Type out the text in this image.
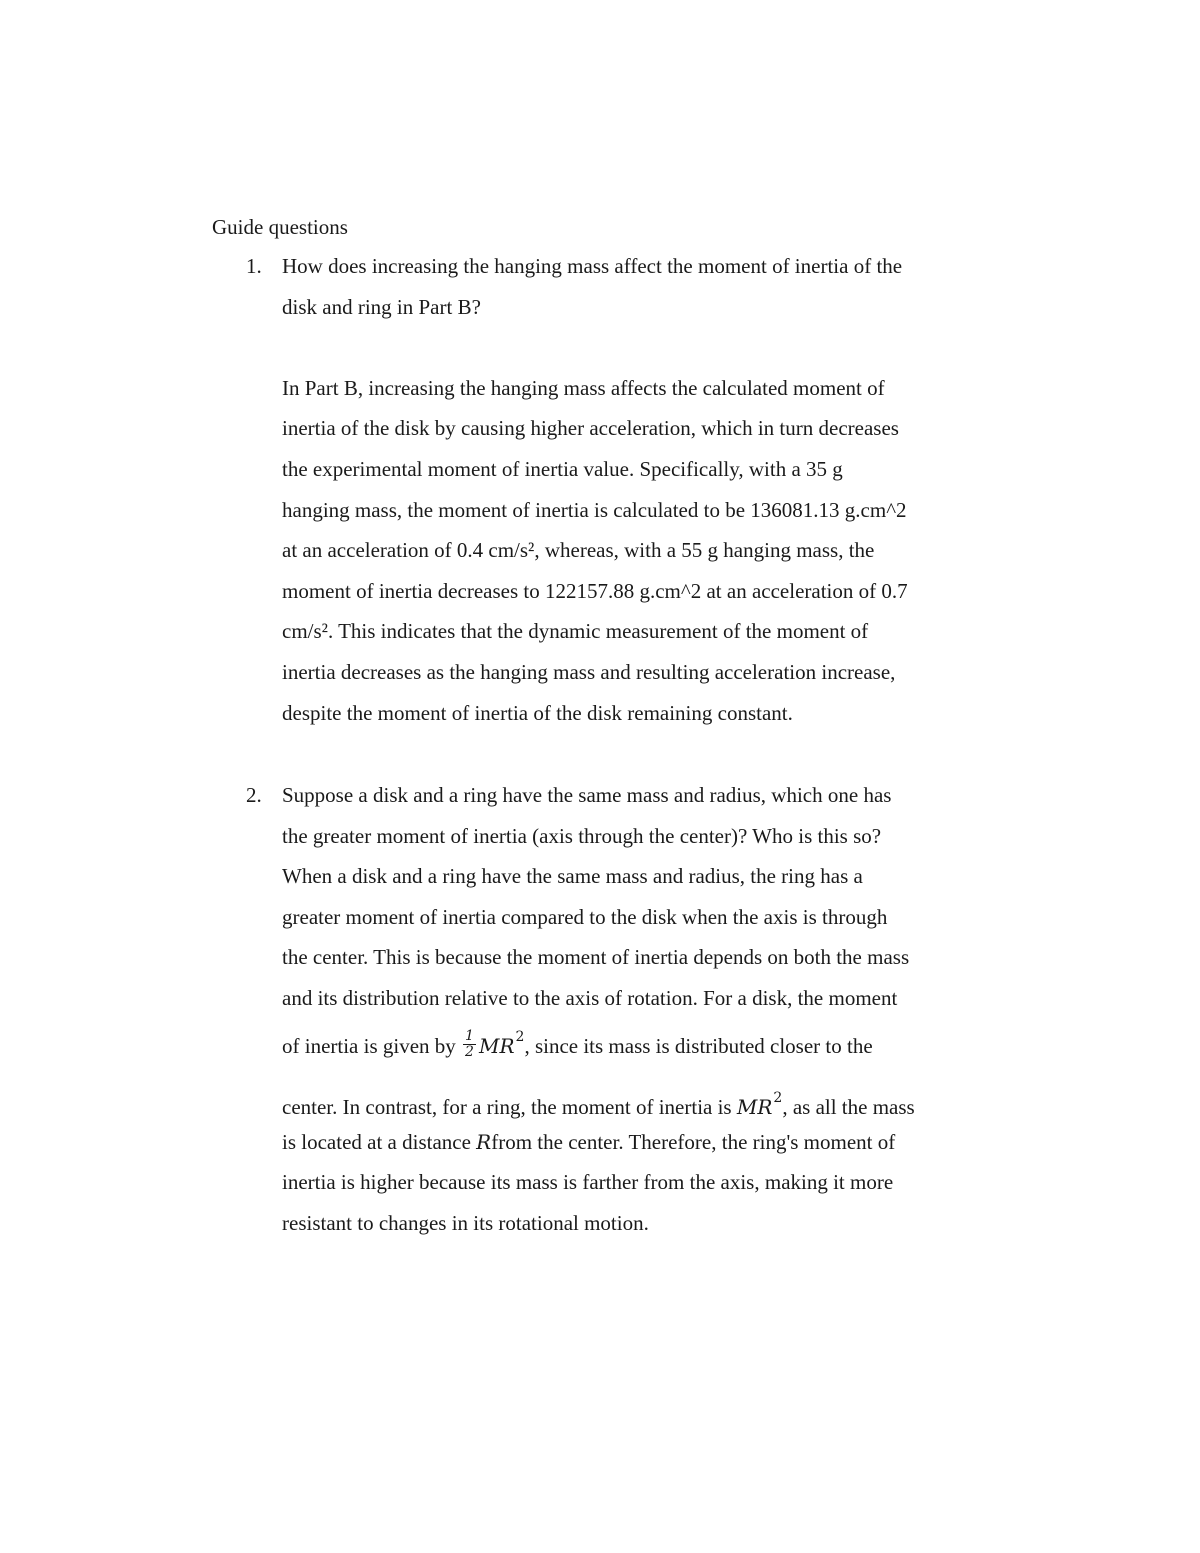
Guide questions
1. How does increasing the hanging mass affect the moment of inertia of the
disk and ring in Part B?
In Part B, increasing the hanging mass affects the calculated moment of
inertia of the disk by causing higher acceleration, which in turn decreases
the experimental moment of inertia value. Specifically, with a 35 g
hanging mass, the moment of inertia is calculated to be 136081.13 g.cm^2
at an acceleration of 0.4 cm/s², whereas, with a 55 g hanging mass, the
moment of inertia decreases to 122157.88 g.cm^2 at an acceleration of 0.7
cm/s². This indicates that the dynamic measurement of the moment of
inertia decreases as the hanging mass and resulting acceleration increase,
despite the moment of inertia of the disk remaining constant.
2. Suppose a disk and a ring have the same mass and radius, which one has
the greater moment of inertia (axis through the center)? Who is this so?
When a disk and a ring have the same mass and radius, the ring has a
greater moment of inertia compared to the disk when the axis is through
the center. This is because the moment of inertia depends on both the mass
and its distribution relative to the axis of rotation. For a disk, the moment
of inertia is given by $\frac{1}{2} MR^2$, since its mass is distributed closer to the
center. In contrast, for a ring, the moment of inertia is $MR^2$, as all the mass
is located at a distance Rfrom the center. Therefore, the ring's moment of
inertia is higher because its mass is farther from the axis, making it more
resistant to changes in its rotational motion.
